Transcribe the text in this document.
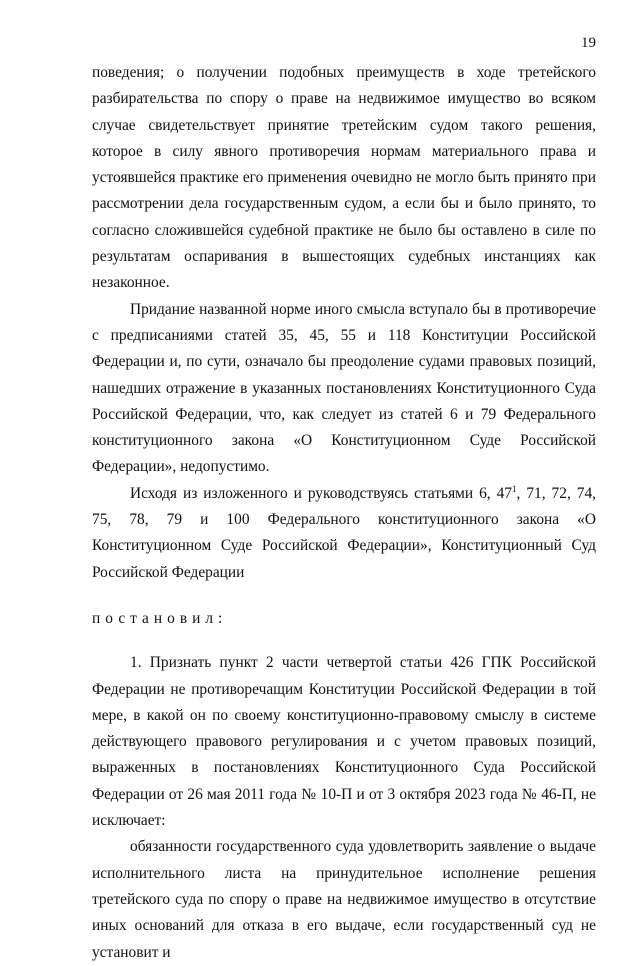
19

поведения; о получении подобных преимуществ в ходе третейского разбирательства по спору о праве на недвижимое имущество во всяком случае свидетельствует принятие третейским судом такого решения, которое в силу явного противоречия нормам материального права и устоявшейся практике его применения очевидно не могло быть принято при рассмотрении дела государственным судом, а если бы и было принято, то согласно сложившейся судебной практике не было бы оставлено в силе по результатам оспаривания в вышестоящих судебных инстанциях как незаконное.

Придание названной норме иного смысла вступало бы в противоречие с предписаниями статей 35, 45, 55 и 118 Конституции Российской Федерации и, по сути, означало бы преодоление судами правовых позиций, нашедших отражение в указанных постановлениях Конституционного Суда Российской Федерации, что, как следует из статей 6 и 79 Федерального конституционного закона «О Конституционном Суде Российской Федерации», недопустимо.

Исходя из изложенного и руководствуясь статьями 6, $47^1$, 71, 72, 74, 75, 78, 79 и 100 Федерального конституционного закона «О Конституционном Суде Российской Федерации», Конституционный Суд Российской Федерации

постановил:

1. Признать пункт 2 части четвертой статьи 426 ГПК Российской Федерации не противоречащим Конституции Российской Федерации в той мере, в какой он по своему конституционно-правовому смыслу в системе действующего правового регулирования и с учетом правовых позиций, выраженных в постановлениях Конституционного Суда Российской Федерации от 26 мая 2011 года № 10-П и от 3 октября 2023 года № 46-П, не исключает:

обязанности государственного суда удовлетворить заявление о выдаче исполнительного листа на принудительное исполнение решения третейского суда по спору о праве на недвижимое имущество в отсутствие иных оснований для отказа в его выдаче, если государственный суд не установит и
